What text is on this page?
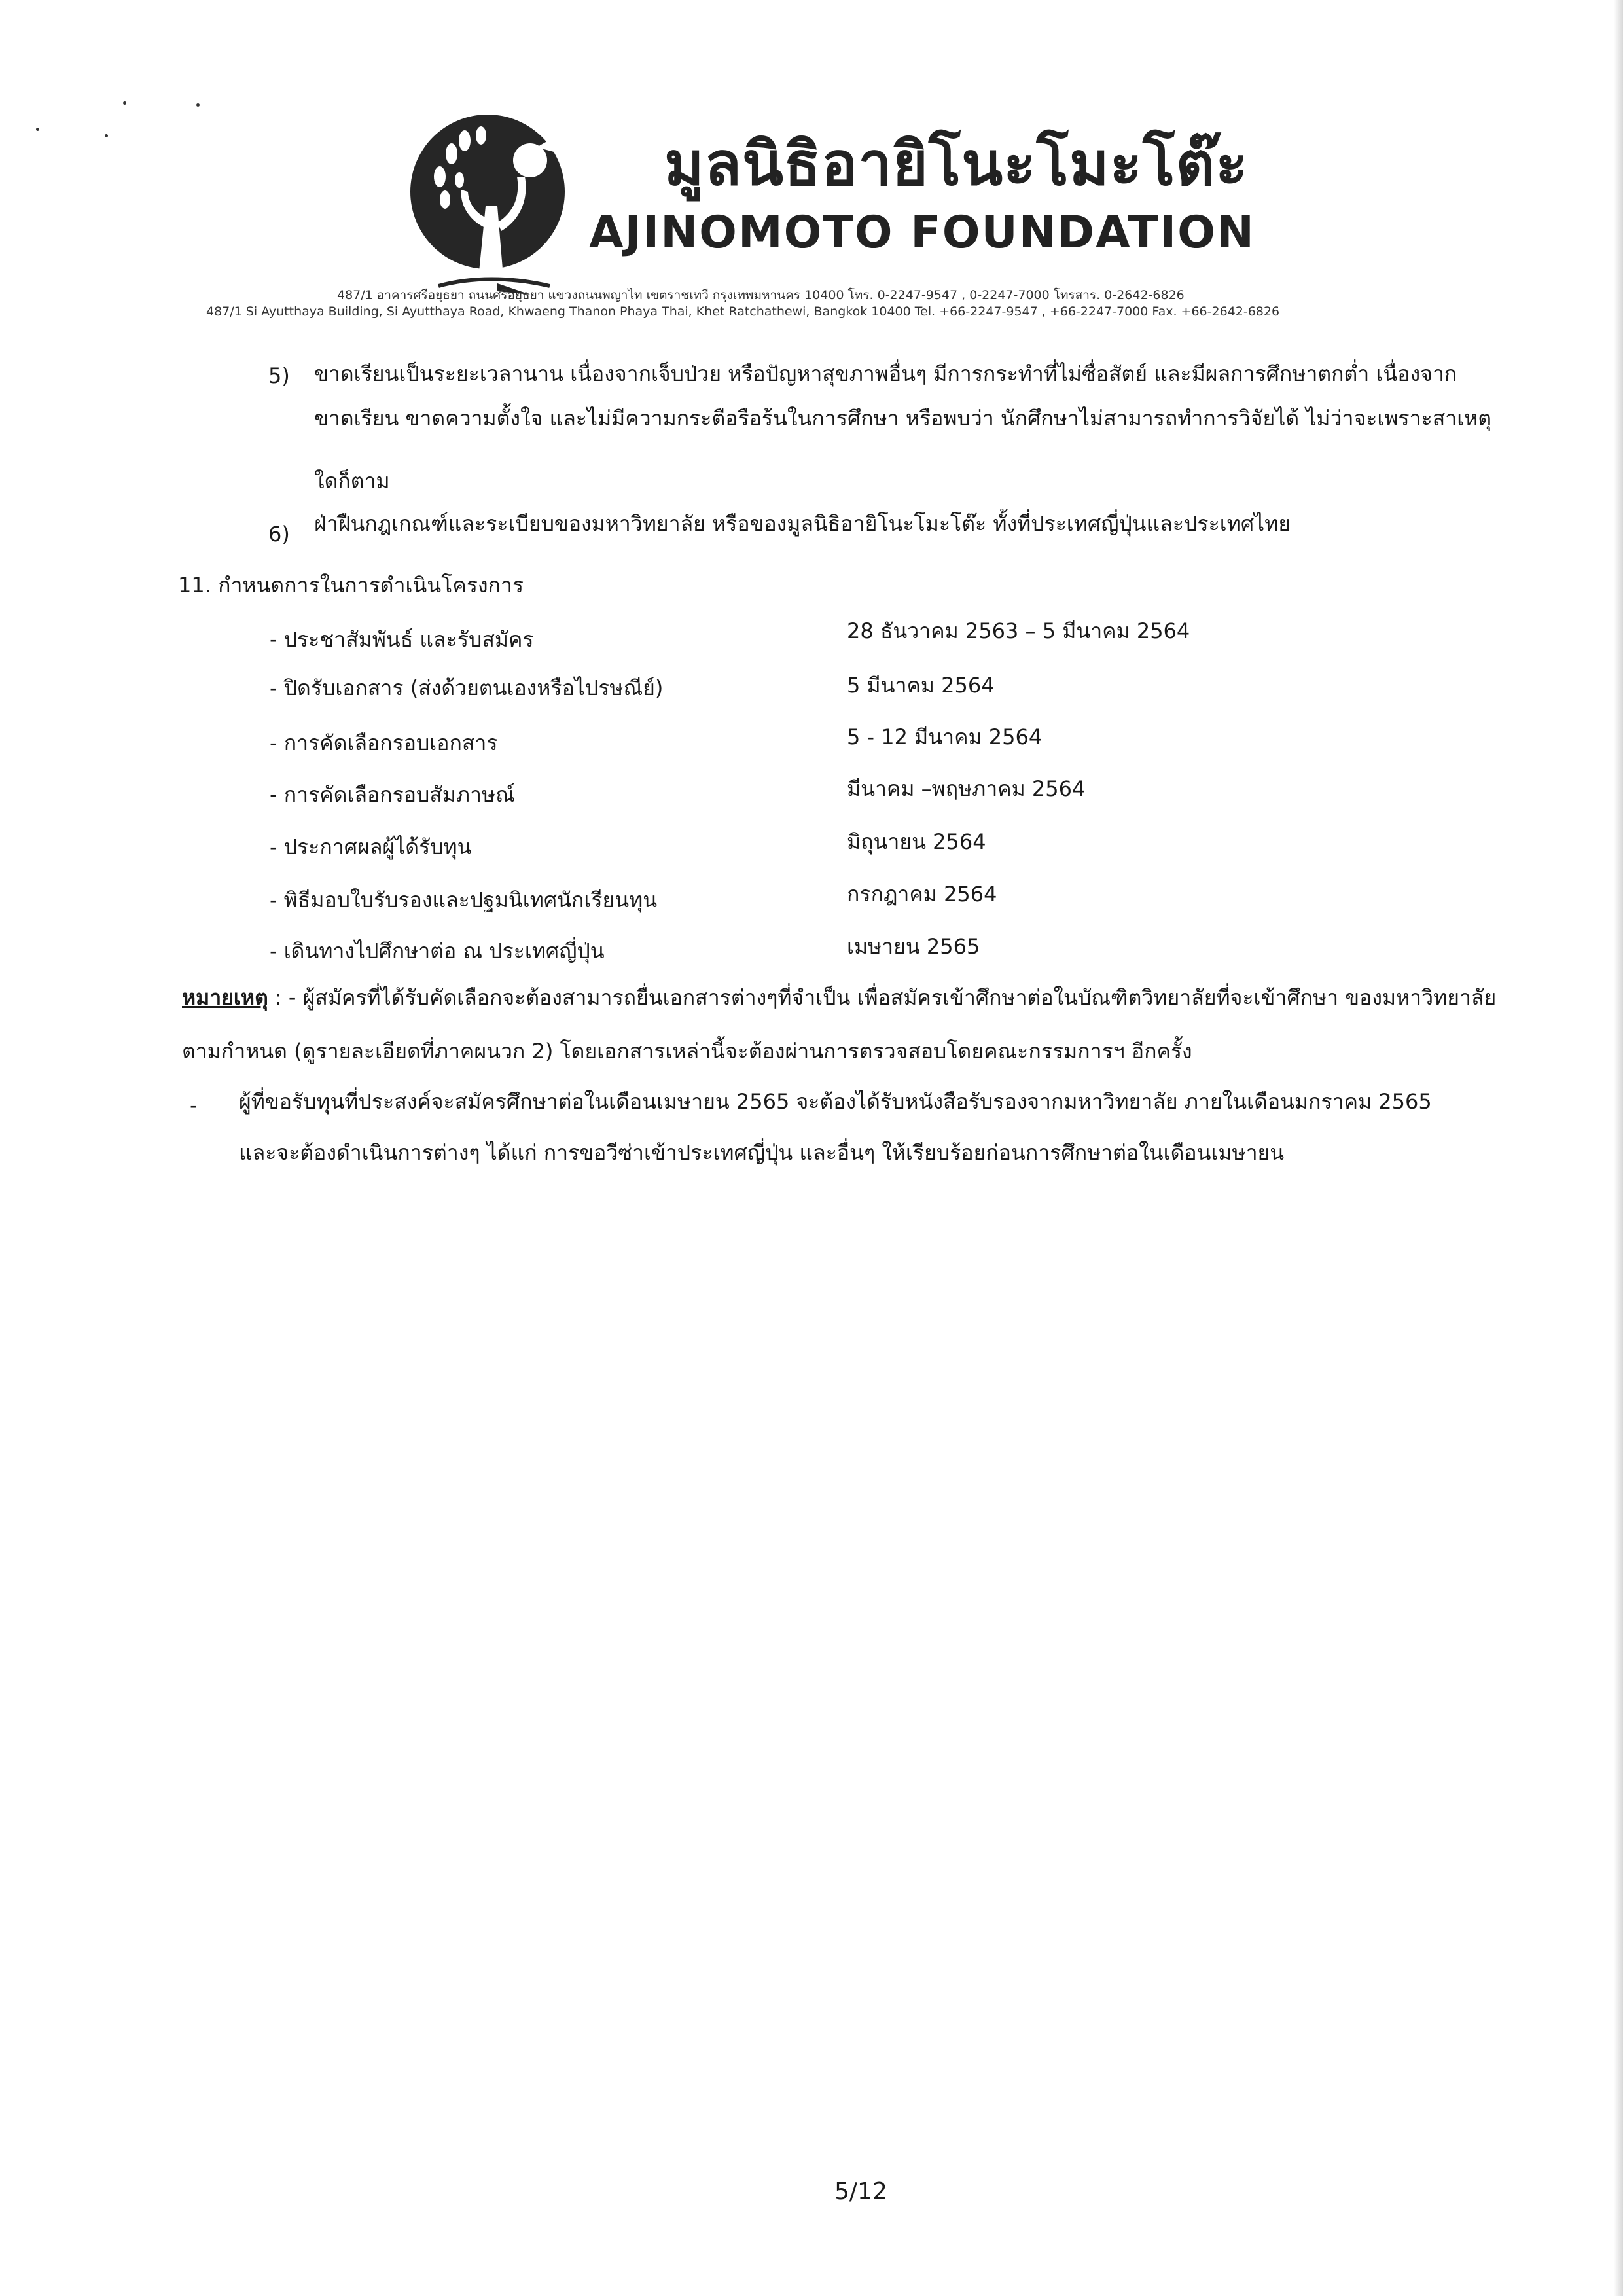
มูลนิธิอายิโนะโมะโต๊ะ
AJINOMOTO FOUNDATION
487/1 อาคารศรีอยุธยา ถนนศรีอยุธยา แขวงถนนพญาไท เขตราชเทวี กรุงเทพมหานคร 10400 โทร. 0-2247-9547 , 0-2247-7000 โทรสาร. 0-2642-6826
487/1 Si Ayutthaya Building, Si Ayutthaya Road, Khwaeng Thanon Phaya Thai, Khet Ratchathewi, Bangkok 10400 Tel. +66-2247-9547 , +66-2247-7000 Fax. +66-2642-6826
5) ขาดเรียนเป็นระยะเวลานาน เนื่องจากเจ็บป่วย หรือปัญหาสุขภาพอื่นๆ มีการกระทำที่ไม่ซื่อสัตย์ และมีผลการศึกษาตกต่ำ เนื่องจาก
ขาดเรียน ขาดความตั้งใจ และไม่มีความกระตือรือร้นในการศึกษา หรือพบว่า นักศึกษาไม่สามารถทำการวิจัยได้ ไม่ว่าจะเพราะสาเหตุ
ใดก็ตาม
6) ฝ่าฝืนกฎเกณฑ์และระเบียบของมหาวิทยาลัย หรือของมูลนิธิอายิโนะโมะโต๊ะ ทั้งที่ประเทศญี่ปุ่นและประเทศไทย
11. กำหนดการในการดำเนินโครงการ
- ประชาสัมพันธ์ และรับสมัคร	28 ธันวาคม 2563 – 5 มีนาคม 2564
- ปิดรับเอกสาร (ส่งด้วยตนเองหรือไปรษณีย์)	5 มีนาคม 2564
- การคัดเลือกรอบเอกสาร	5 - 12 มีนาคม 2564
- การคัดเลือกรอบสัมภาษณ์	มีนาคม –พฤษภาคม 2564
- ประกาศผลผู้ได้รับทุน	มิถุนายน 2564
- พิธีมอบใบรับรองและปฐมนิเทศนักเรียนทุน	กรกฎาคม 2564
- เดินทางไปศึกษาต่อ ณ ประเทศญี่ปุ่น	เมษายน 2565
หมายเหตุ : - ผู้สมัครที่ได้รับคัดเลือกจะต้องสามารถยื่นเอกสารต่างๆที่จำเป็น เพื่อสมัครเข้าศึกษาต่อในบัณฑิตวิทยาลัยที่จะเข้าศึกษา ของมหาวิทยาลัย
ตามกำหนด (ดูรายละเอียดที่ภาคผนวก 2) โดยเอกสารเหล่านี้จะต้องผ่านการตรวจสอบโดยคณะกรรมการฯ อีกครั้ง
- ผู้ที่ขอรับทุนที่ประสงค์จะสมัครศึกษาต่อในเดือนเมษายน 2565 จะต้องได้รับหนังสือรับรองจากมหาวิทยาลัย ภายในเดือนมกราคม 2565
และจะต้องดำเนินการต่างๆ ได้แก่ การขอวีซ่าเข้าประเทศญี่ปุ่น และอื่นๆ ให้เรียบร้อยก่อนการศึกษาต่อในเดือนเมษายน
5/12
